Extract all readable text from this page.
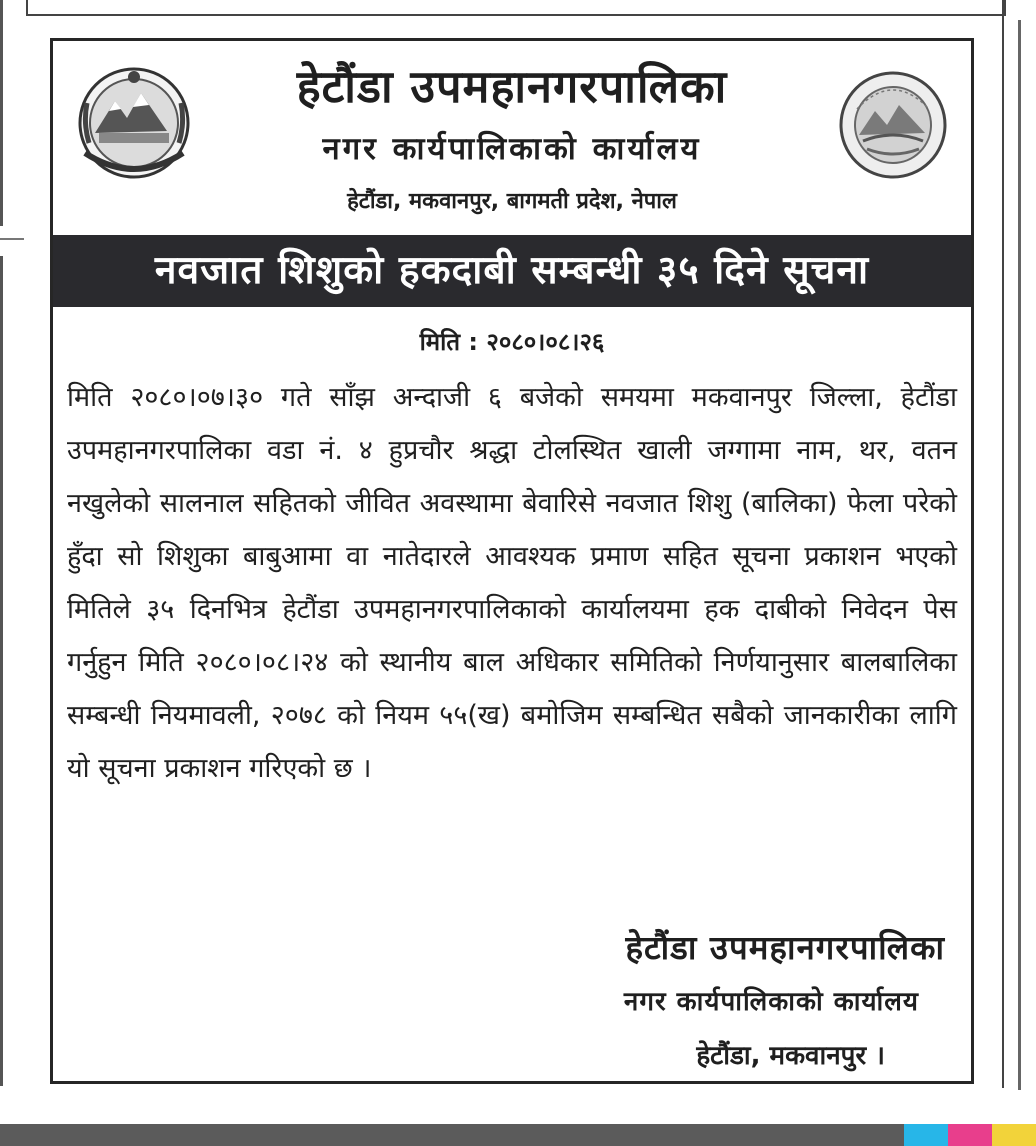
हेटौंडा उपमहानगरपालिका
नगर कार्यपालिकाको कार्यालय
हेटौंडा, मकवानपुर, बागमती प्रदेश, नेपाल
नवजात शिशुको हकदाबी सम्बन्धी ३५ दिने सूचना
मिति : २०८०।०८।२६
मिति २०८०।०७।३० गते साँझ अन्दाजी ६ बजेको समयमा मकवानपुर जिल्ला, हेटौंडा उपमहानगरपालिका वडा नं. ४ हुप्रचौर श्रद्धा टोलस्थित खाली जग्गामा नाम, थर, वतन नखुलेको सालनाल सहितको जीवित अवस्थामा बेवारिसे नवजात शिशु (बालिका) फेला परेको हुँदा सो शिशुका बाबुआमा वा नातेदारले आवश्यक प्रमाण सहित सूचना प्रकाशन भएको मितिले ३५ दिनभित्र हेटौंडा उपमहानगरपालिकाको कार्यालयमा हक दाबीको निवेदन पेस गर्नुहुन मिति २०८०।०८।२४ को स्थानीय बाल अधिकार समितिको निर्णयानुसार बालबालिका सम्बन्धी नियमावली, २०७८ को नियम ५५(ख) बमोजिम सम्बन्धित सबैको जानकारीका लागि यो सूचना प्रकाशन गरिएको छ ।
हेटौंडा उपमहानगरपालिका
नगर कार्यपालिकाको कार्यालय
हेटौंडा, मकवानपुर ।
